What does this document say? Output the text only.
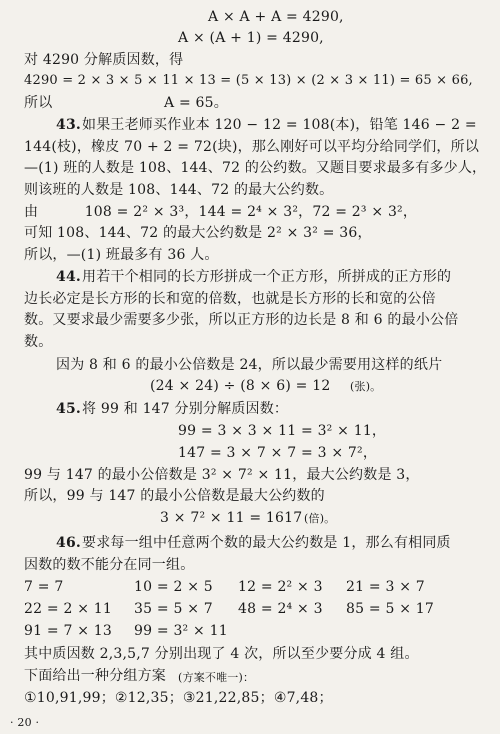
A × A + A = 4290,
A × (A + 1) = 4290,
对 4290 分解质因数，得
4290 = 2 × 3 × 5 × 11 × 13 = (5 × 13) × (2 × 3 × 11) = 65 × 66,
所以                        A = 65。
43. 如果王老师买作业本 120 − 12 = 108(本)，铅笔 146 − 2 =
144(枝)，橡皮 70 + 2 = 72(块)，那么刚好可以平均分给同学们，所以
—(1) 班的人数是 108、144、72 的公约数。又题目要求最多有多少人，
则该班的人数是 108、144、72 的最大公约数。
由          108 = 2² × 3³，144 = 2⁴ × 3²，72 = 2³ × 3²，
可知 108、144、72 的最大公约数是 2² × 3² = 36，
所以，—(1) 班最多有 36 人。
44. 用若干个相同的长方形拼成一个正方形，所拼成的正方形的
边长必定是长方形的长和宽的倍数，也就是长方形的长和宽的公倍
数。又要求最少需要多少张，所以正方形的边长是 8 和 6 的最小公倍
数。
因为 8 和 6 的最小公倍数是 24，所以最少需要用这样的纸片
(24 × 24) ÷ (8 × 6) = 12 (张)。
45. 将 99 和 147 分别分解质因数：
99 = 3 × 3 × 11 = 3² × 11，
147 = 3 × 7 × 7 = 3 × 7²，
99 与 147 的最小公倍数是 3² × 7² × 11，最大公约数是 3，
所以，99 与 147 的最小公倍数是最大公约数的
3 × 7² × 11 = 1617 (倍)。
46. 要求每一组中任意两个数的最大公约数是 1，那么有相同质
因数的数不能分在同一组。
7 = 7	10 = 2 × 5 12 = 2² × 3 21 = 3 × 7
22 = 2 × 11 35 = 5 × 7 48 = 2⁴ × 3 85 = 5 × 17
91 = 7 × 13 99 = 3² × 11
其中质因数 2,3,5,7 分别出现了 4 次，所以至少要分成 4 组。
下面给出一种分组方案 (方案不唯一)：
①10,91,99；②12,35；③21,22,85；④7,48；
· 20 ·
